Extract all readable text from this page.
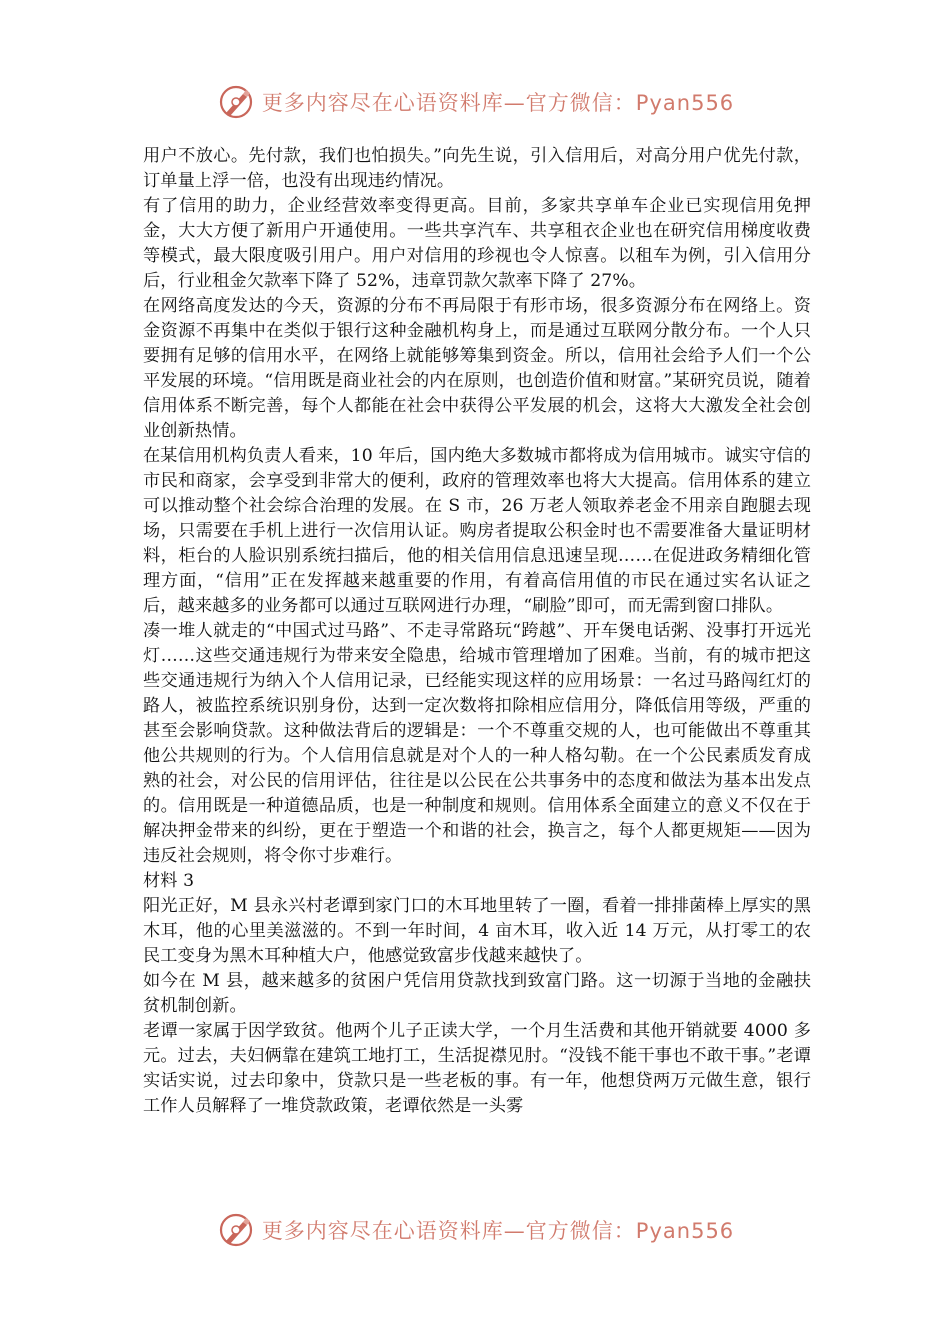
更多内容尽在心语资料库—官方微信：Pyan556

用户不放心。先付款，我们也怕损失。”向先生说，引入信用后，对高分用户优先付款，订单量上浮一倍，也没有出现违约情况。

有了信用的助力，企业经营效率变得更高。目前，多家共享单车企业已实现信用免押金，大大方便了新用户开通使用。一些共享汽车、共享租衣企业也在研究信用梯度收费等模式，最大限度吸引用户。用户对信用的珍视也令人惊喜。以租车为例，引入信用分后，行业租金欠款率下降了 52%，违章罚款欠款率下降了 27%。

在网络高度发达的今天，资源的分布不再局限于有形市场，很多资源分布在网络上。资金资源不再集中在类似于银行这种金融机构身上，而是通过互联网分散分布。一个人只要拥有足够的信用水平，在网络上就能够筹集到资金。所以，信用社会给予人们一个公平发展的环境。“信用既是商业社会的内在原则，也创造价值和财富。”某研究员说，随着信用体系不断完善，每个人都能在社会中获得公平发展的机会，这将大大激发全社会创业创新热情。

在某信用机构负责人看来，10 年后，国内绝大多数城市都将成为信用城市。诚实守信的市民和商家，会享受到非常大的便利，政府的管理效率也将大大提高。信用体系的建立可以推动整个社会综合治理的发展。在 S 市，26 万老人领取养老金不用亲自跑腿去现场，只需要在手机上进行一次信用认证。购房者提取公积金时也不需要准备大量证明材料，柜台的人脸识别系统扫描后，他的相关信用信息迅速呈现……在促进政务精细化管理方面，“信用”正在发挥越来越重要的作用，有着高信用值的市民在通过实名认证之后，越来越多的业务都可以通过互联网进行办理，“刷脸”即可，而无需到窗口排队。

凑一堆人就走的“中国式过马路”、不走寻常路玩“跨越”、开车煲电话粥、没事打开远光灯……这些交通违规行为带来安全隐患，给城市管理增加了困难。当前，有的城市把这些交通违规行为纳入个人信用记录，已经能实现这样的应用场景：一名过马路闯红灯的路人，被监控系统识别身份，达到一定次数将扣除相应信用分，降低信用等级，严重的甚至会影响贷款。这种做法背后的逻辑是：一个不尊重交规的人，也可能做出不尊重其他公共规则的行为。个人信用信息就是对个人的一种人格勾勒。在一个公民素质发育成熟的社会，对公民的信用评估，往往是以公民在公共事务中的态度和做法为基本出发点的。信用既是一种道德品质，也是一种制度和规则。信用体系全面建立的意义不仅在于解决押金带来的纠纷，更在于塑造一个和谐的社会，换言之，每个人都更规矩——因为违反社会规则，将令你寸步难行。

材料 3

阳光正好，M 县永兴村老谭到家门口的木耳地里转了一圈，看着一排排菌棒上厚实的黑木耳，他的心里美滋滋的。不到一年时间，4 亩木耳，收入近 14 万元，从打零工的农民工变身为黑木耳种植大户，他感觉致富步伐越来越快了。

如今在 M 县，越来越多的贫困户凭信用贷款找到致富门路。这一切源于当地的金融扶贫机制创新。

老谭一家属于因学致贫。他两个儿子正读大学，一个月生活费和其他开销就要 4000 多元。过去，夫妇俩靠在建筑工地打工，生活捉襟见肘。“没钱不能干事也不敢干事。”老谭实话实说，过去印象中，贷款只是一些老板的事。有一年，他想贷两万元做生意，银行工作人员解释了一堆贷款政策，老谭依然是一头雾

更多内容尽在心语资料库—官方微信：Pyan556
